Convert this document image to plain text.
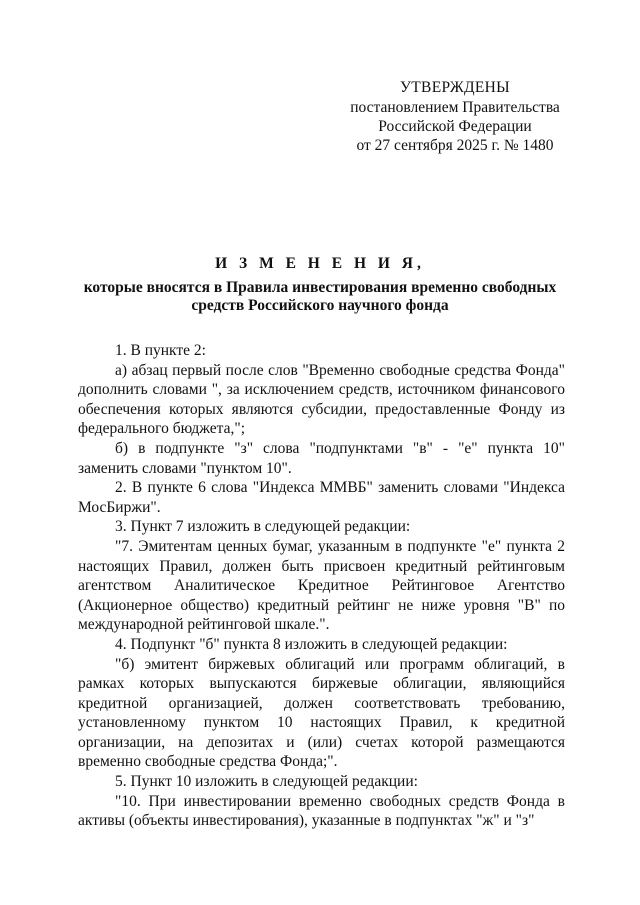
УТВЕРЖДЕНЫ
постановлением Правительства
Российской Федерации
от 27 сентября 2025 г. № 1480
И З М Е Н Е Н И Я,
которые вносятся в Правила инвестирования временно свободных
средств Российского научного фонда

1. В пункте 2:

а) абзац первый после слов "Временно свободные средства Фонда" дополнить словами ", за исключением средств, источником финансового обеспечения которых являются субсидии, предоставленные Фонду из федерального бюджета,";

б) в подпункте "з" слова "подпунктами "в" - "е" пункта 10" заменить словами "пунктом 10".

2. В пункте 6 слова "Индекса ММВБ" заменить словами "Индекса МосБиржи".

3. Пункт 7 изложить в следующей редакции:

"7. Эмитентам ценных бумаг, указанным в подпункте "е" пункта 2 настоящих Правил, должен быть присвоен кредитный рейтинговым агентством Аналитическое Кредитное Рейтинговое Агентство (Акционерное общество) кредитный рейтинг не ниже уровня "B" по международной рейтинговой шкале.".

4. Подпункт "б" пункта 8 изложить в следующей редакции:

"б) эмитент биржевых облигаций или программ облигаций, в рамках которых выпускаются биржевые облигации, являющийся кредитной организацией, должен соответствовать требованию, установленному пунктом 10 настоящих Правил, к кредитной организации, на депозитах и (или) счетах которой размещаются временно свободные средства Фонда;".

5. Пункт 10 изложить в следующей редакции:

"10. При инвестировании временно свободных средств Фонда в активы (объекты инвестирования), указанные в подпунктах "ж" и "з"
